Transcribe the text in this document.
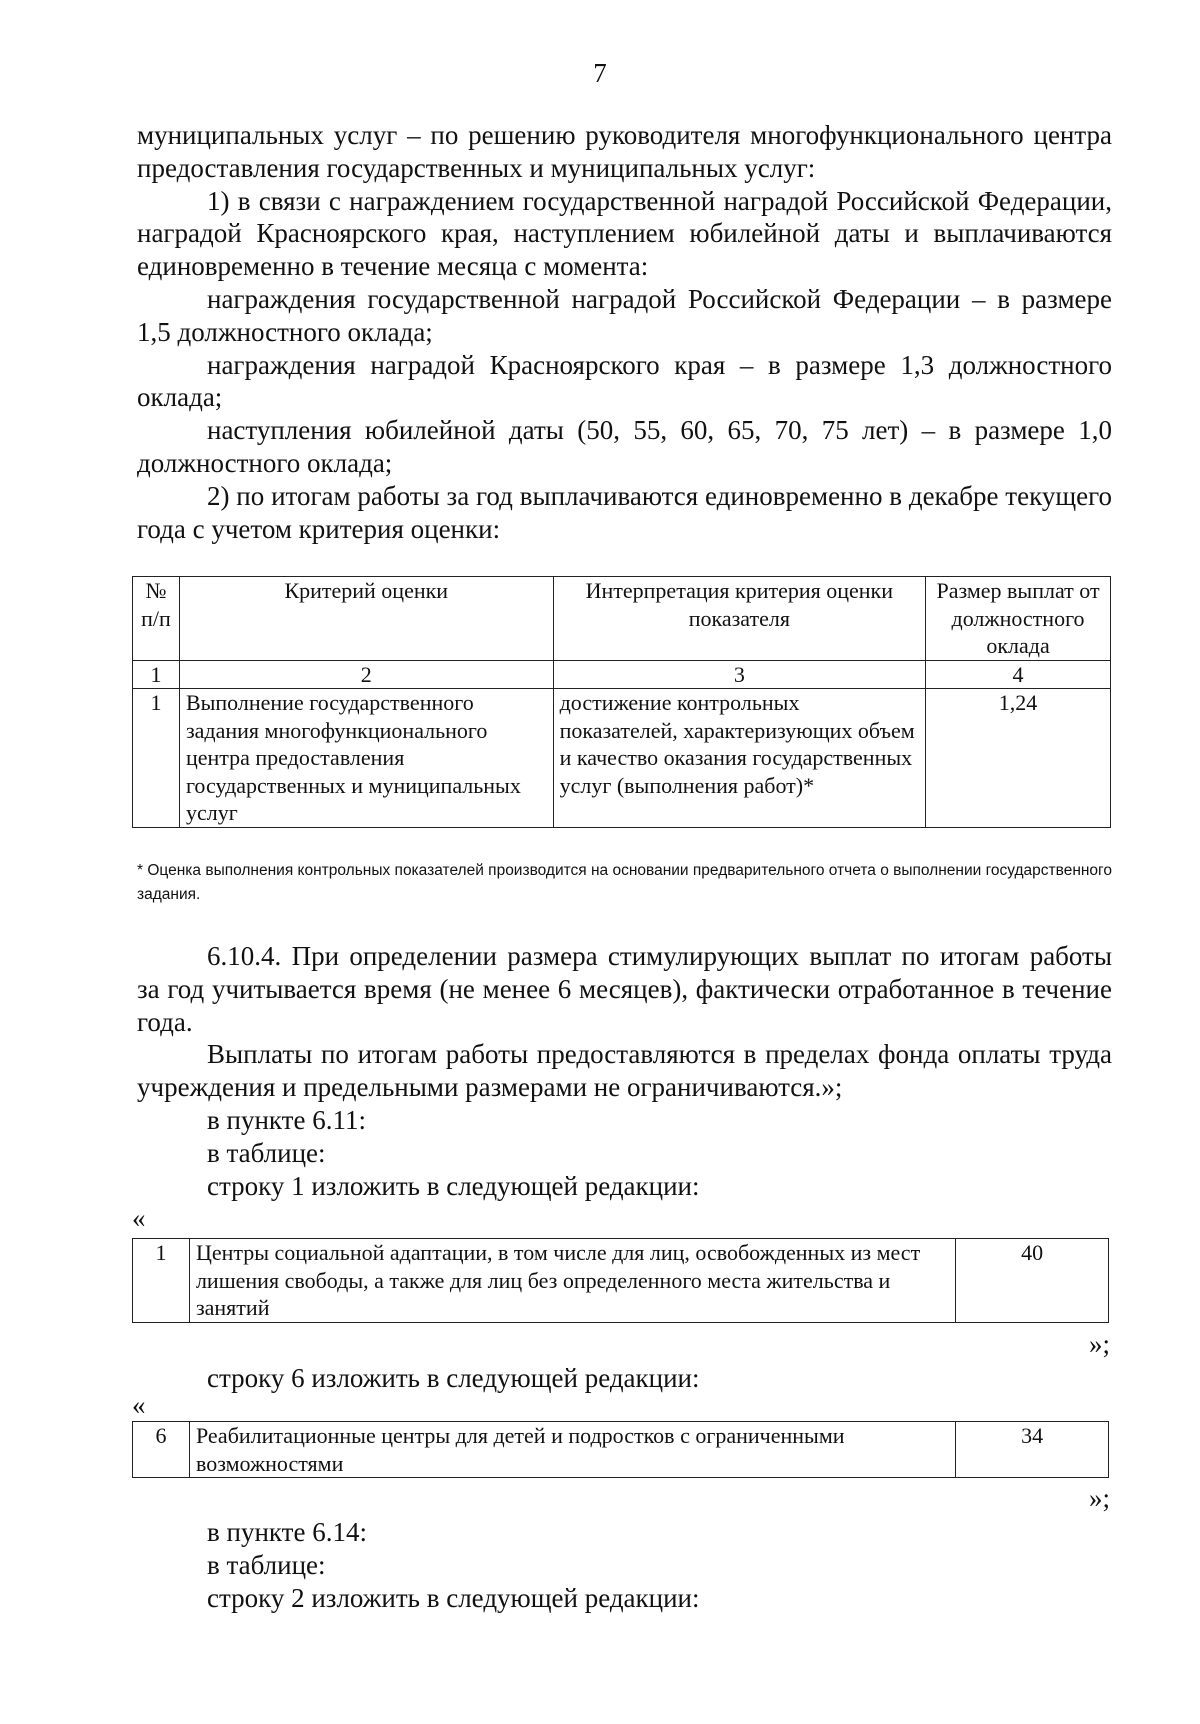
7

муниципальных услуг – по решению руководителя многофункционального центра предоставления государственных и муниципальных услуг:

1) в связи с награждением государственной наградой Российской Федерации, наградой Красноярского края, наступлением юбилейной даты и выплачиваются единовременно в течение месяца с момента:

награждения государственной наградой Российской Федерации – в размере 1,5 должностного оклада;

награждения наградой Красноярского края – в размере 1,3 должностного оклада;

наступления юбилейной даты (50, 55, 60, 65, 70, 75 лет) – в размере 1,0 должностного оклада;

2) по итогам работы за год выплачиваются единовременно в декабре текущего года с учетом критерия оценки:

№ п/п	Критерий оценки	Интерпретация критерия оценки показателя	Размер выплат от должностного оклада
1	2	3	4
1	Выполнение государственного задания многофункционального центра предоставления государственных и муниципальных услуг	достижение контрольных показателей, характеризующих объем и качество оказания государственных услуг (выполнения работ)*	1,24
* Оценка выполнения контрольных показателей производится на основании предварительного отчета о выполнении государственного задания.

6.10.4. При определении размера стимулирующих выплат по итогам работы за год учитывается время (не менее 6 месяцев), фактически отработанное в течение года.

Выплаты по итогам работы предоставляются в пределах фонда оплаты труда учреждения и предельными размерами не ограничиваются.»;

в пункте 6.11:

в таблице:

строку 1 изложить в следующей редакции:

«
1	Центры социальной адаптации, в том числе для лиц, освобожденных из мест лишения свободы, а также для лиц без определенного места жительства и занятий	40
»;

строку 6 изложить в следующей редакции:

«
6	Реабилитационные центры для детей и подростков с ограниченными возможностями	34
»;

в пункте 6.14:

в таблице:

строку 2 изложить в следующей редакции:
